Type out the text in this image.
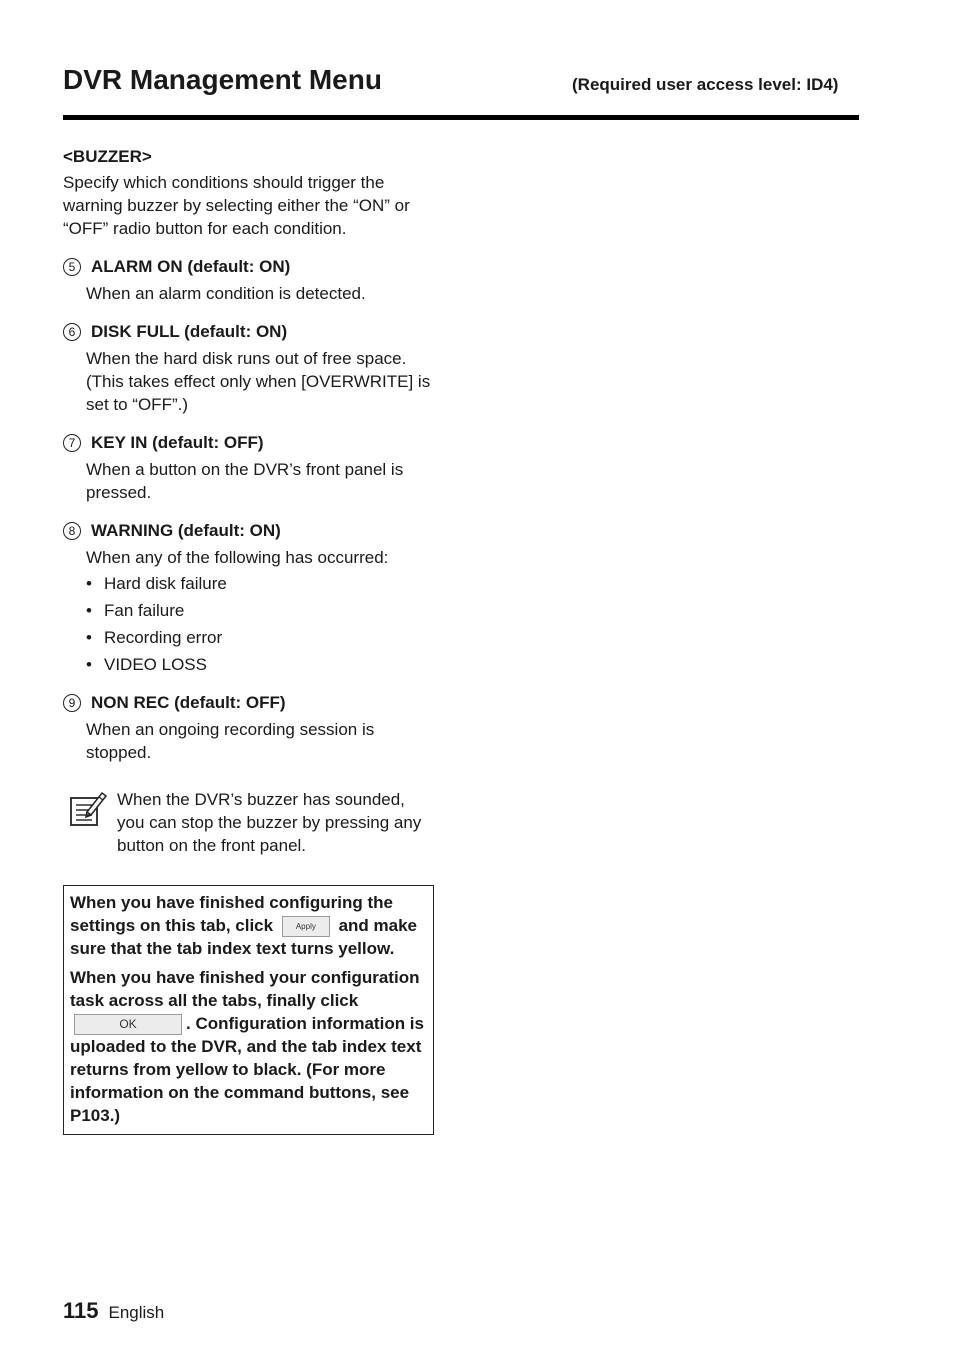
DVR Management Menu	(Required user access level: ID4)

<BUZZER>

Specify which conditions should trigger the warning buzzer by selecting either the “ON” or “OFF” radio button for each condition.

5 ALARM ON (default: ON)
When an alarm condition is detected.
6 DISK FULL (default: ON)
When the hard disk runs out of free space. (This takes effect only when [OVERWRITE] is set to “OFF”.)
7 KEY IN (default: OFF)
When a button on the DVR’s front panel is pressed.
8 WARNING (default: ON)
When any of the following has occurred:
• Hard disk failure
• Fan failure
• Recording error
• VIDEO LOSS
9 NON REC (default: OFF)
When an ongoing recording session is stopped.
When the DVR’s buzzer has sounded, you can stop the buzzer by pressing any button on the front panel.

When you have finished configuring the settings on this tab, click	Apply and make sure that the tab index text turns yellow.

When you have finished your configuration task across all the tabs, finally click OK	. Configuration information is uploaded to the DVR, and the tab index text returns from yellow to black. (For more information on the command buttons, see P103.)

115 English
